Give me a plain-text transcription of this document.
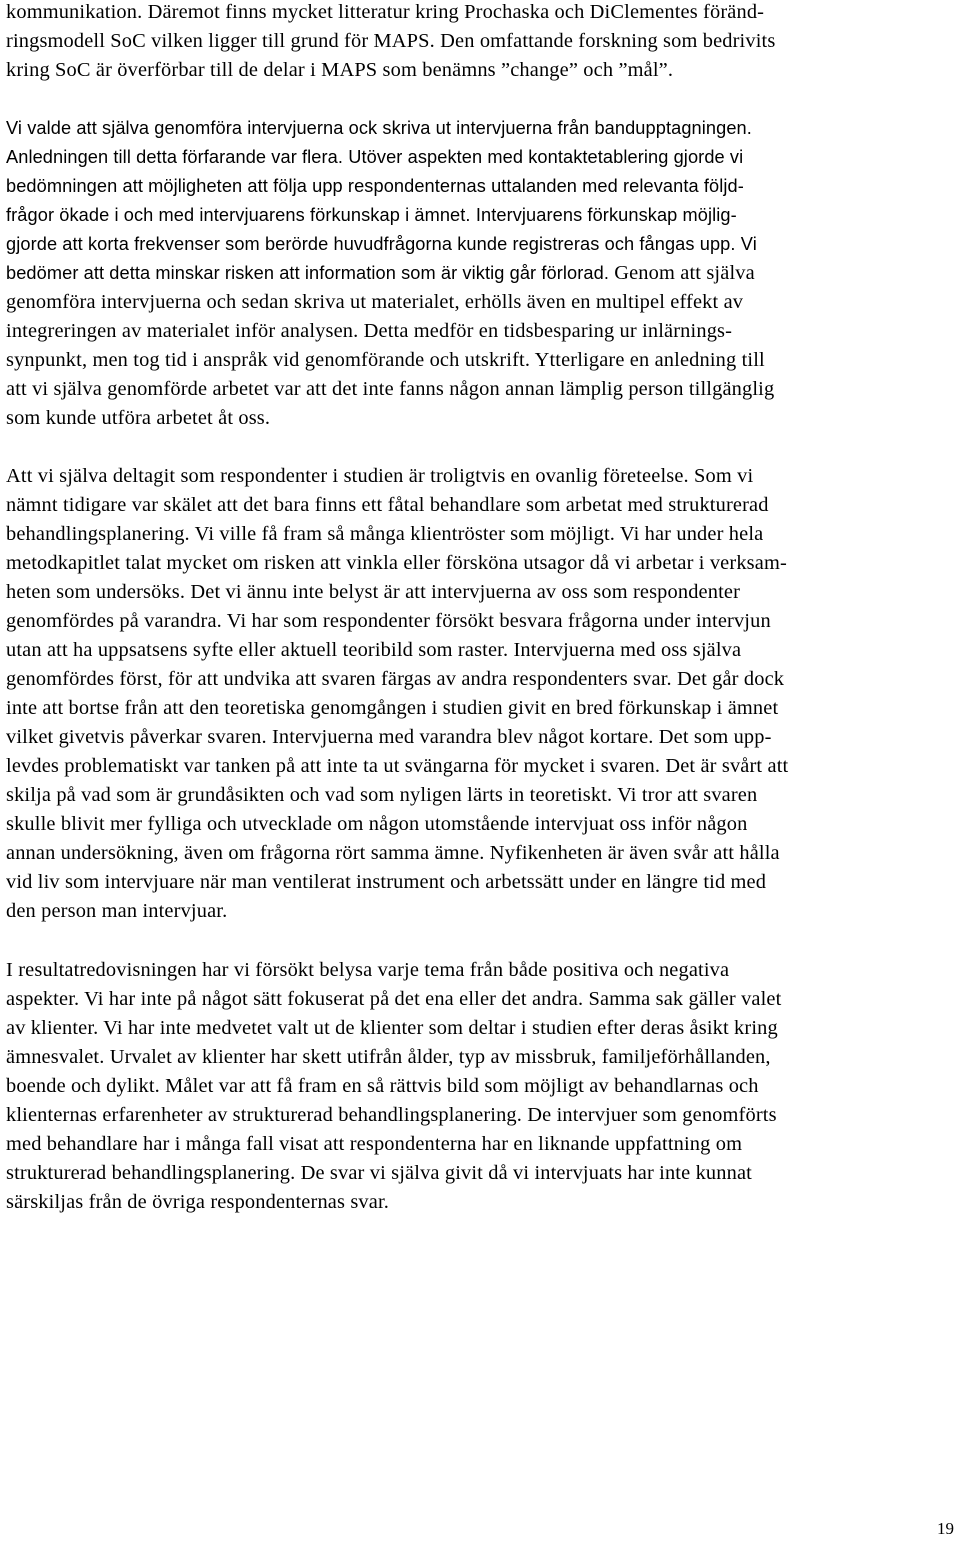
kommunikation. Däremot finns mycket litteratur kring Prochaska och DiClementes föränd-
ringsmodell SoC vilken ligger till grund för MAPS. Den omfattande forskning som bedrivits
kring SoC är överförbar till de delar i MAPS som benämns ”change” och ”mål”.

Vi valde att själva genomföra intervjuerna ock skriva ut intervjuerna från bandupptagningen.
Anledningen till detta förfarande var flera. Utöver aspekten med kontaktetablering gjorde vi
bedömningen att möjligheten att följa upp respondenternas uttalanden med relevanta följd-
frågor ökade i och med intervjuarens förkunskap i ämnet. Intervjuarens förkunskap möjlig-
gjorde att korta frekvenser som berörde huvudfrågorna kunde registreras och fångas upp. Vi
bedömer att detta minskar risken att information som är viktig går förlorad. Genom att själva
genomföra intervjuerna och sedan skriva ut materialet, erhölls även en multipel effekt av
integreringen av materialet inför analysen. Detta medför en tidsbesparing ur inlärnings-
synpunkt, men tog tid i anspråk vid genomförande och utskrift. Ytterligare en anledning till
att vi själva genomförde arbetet var att det inte fanns någon annan lämplig person tillgänglig
som kunde utföra arbetet åt oss.

Att vi själva deltagit som respondenter i studien är troligtvis en ovanlig företeelse. Som vi
nämnt tidigare var skälet att det bara finns ett fåtal behandlare som arbetat med strukturerad
behandlingsplanering. Vi ville få fram så många klientröster som möjligt. Vi har under hela
metodkapitlet talat mycket om risken att vinkla eller försköna utsagor då vi arbetar i verksam-
heten som undersöks. Det vi ännu inte belyst är att intervjuerna av oss som respondenter
genomfördes på varandra. Vi har som respondenter försökt besvara frågorna under intervjun
utan att ha uppsatsens syfte eller aktuell teoribild som raster. Intervjuerna med oss själva
genomfördes först, för att undvika att svaren färgas av andra respondenters svar. Det går dock
inte att bortse från att den teoretiska genomgången i studien givit en bred förkunskap i ämnet
vilket givetvis påverkar svaren. Intervjuerna med varandra blev något kortare. Det som upp-
levdes problematiskt var tanken på att inte ta ut svängarna för mycket i svaren. Det är svårt att
skilja på vad som är grundåsikten och vad som nyligen lärts in teoretiskt. Vi tror att svaren
skulle blivit mer fylliga och utvecklade om någon utomstående intervjuat oss inför någon
annan undersökning, även om frågorna rört samma ämne. Nyfikenheten är även svår att hålla
vid liv som intervjuare när man ventilerat instrument och arbetssätt under en längre tid med
den person man intervjuar.

I resultatredovisningen har vi försökt belysa varje tema från både positiva och negativa
aspekter. Vi har inte på något sätt fokuserat på det ena eller det andra. Samma sak gäller valet
av klienter. Vi har inte medvetet valt ut de klienter som deltar i studien efter deras åsikt kring
ämnesvalet. Urvalet av klienter har skett utifrån ålder, typ av missbruk, familjeförhållanden,
boende och dylikt. Målet var att få fram en så rättvis bild som möjligt av behandlarnas och
klienternas erfarenheter av strukturerad behandlingsplanering. De intervjuer som genomförts
med behandlare har i många fall visat att respondenterna har en liknande uppfattning om
strukturerad behandlingsplanering. De svar vi själva givit då vi intervjuats har inte kunnat
särskiljas från de övriga respondenternas svar.

19
